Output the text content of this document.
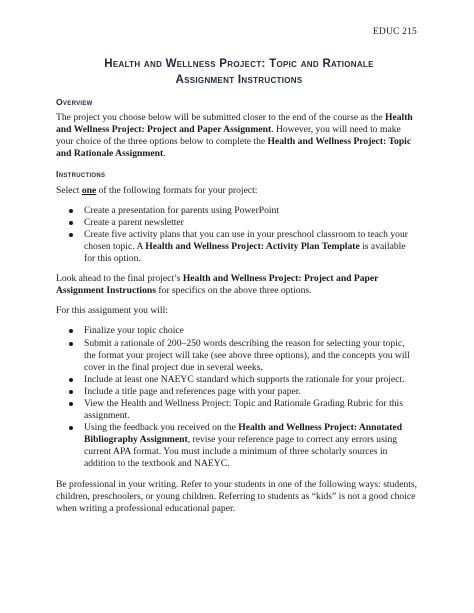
EDUC 215
Health and Wellness Project: Topic and Rationale
Assignment Instructions
Overview

The project you choose below will be submitted closer to the end of the course as the Health and Wellness Project: Project and Paper Assignment. However, you will need to make your choice of the three options below to complete the Health and Wellness Project: Topic and Rationale Assignment.

Instructions

Select one of the following formats for your project:

Create a presentation for parents using PowerPoint
Create a parent newsletter
Create five activity plans that you can use in your preschool classroom to teach your chosen topic. A Health and Wellness Project: Activity Plan Template is available for this option.

Look ahead to the final project’s Health and Wellness Project: Project and Paper Assignment Instructions for specifics on the above three options.

For this assignment you will:

Finalize your topic choice
Submit a rationale of 200–250 words describing the reason for selecting your topic, the format your project will take (see above three options), and the concepts you will cover in the final project due in several weeks.
Include at least one NAEYC standard which supports the rationale for your project.
Include a title page and references page with your paper.
View the Health and Wellness Project: Topic and Rationale Grading Rubric for this assignment.
Using the feedback you received on the Health and Wellness Project: Annotated Bibliography Assignment, revise your reference page to correct any errors using current APA format. You must include a minimum of three scholarly sources in addition to the textbook and NAEYC.

Be professional in your writing. Refer to your students in one of the following ways: students, children, preschoolers, or young children. Referring to students as “kids” is not a good choice when writing a professional educational paper.
